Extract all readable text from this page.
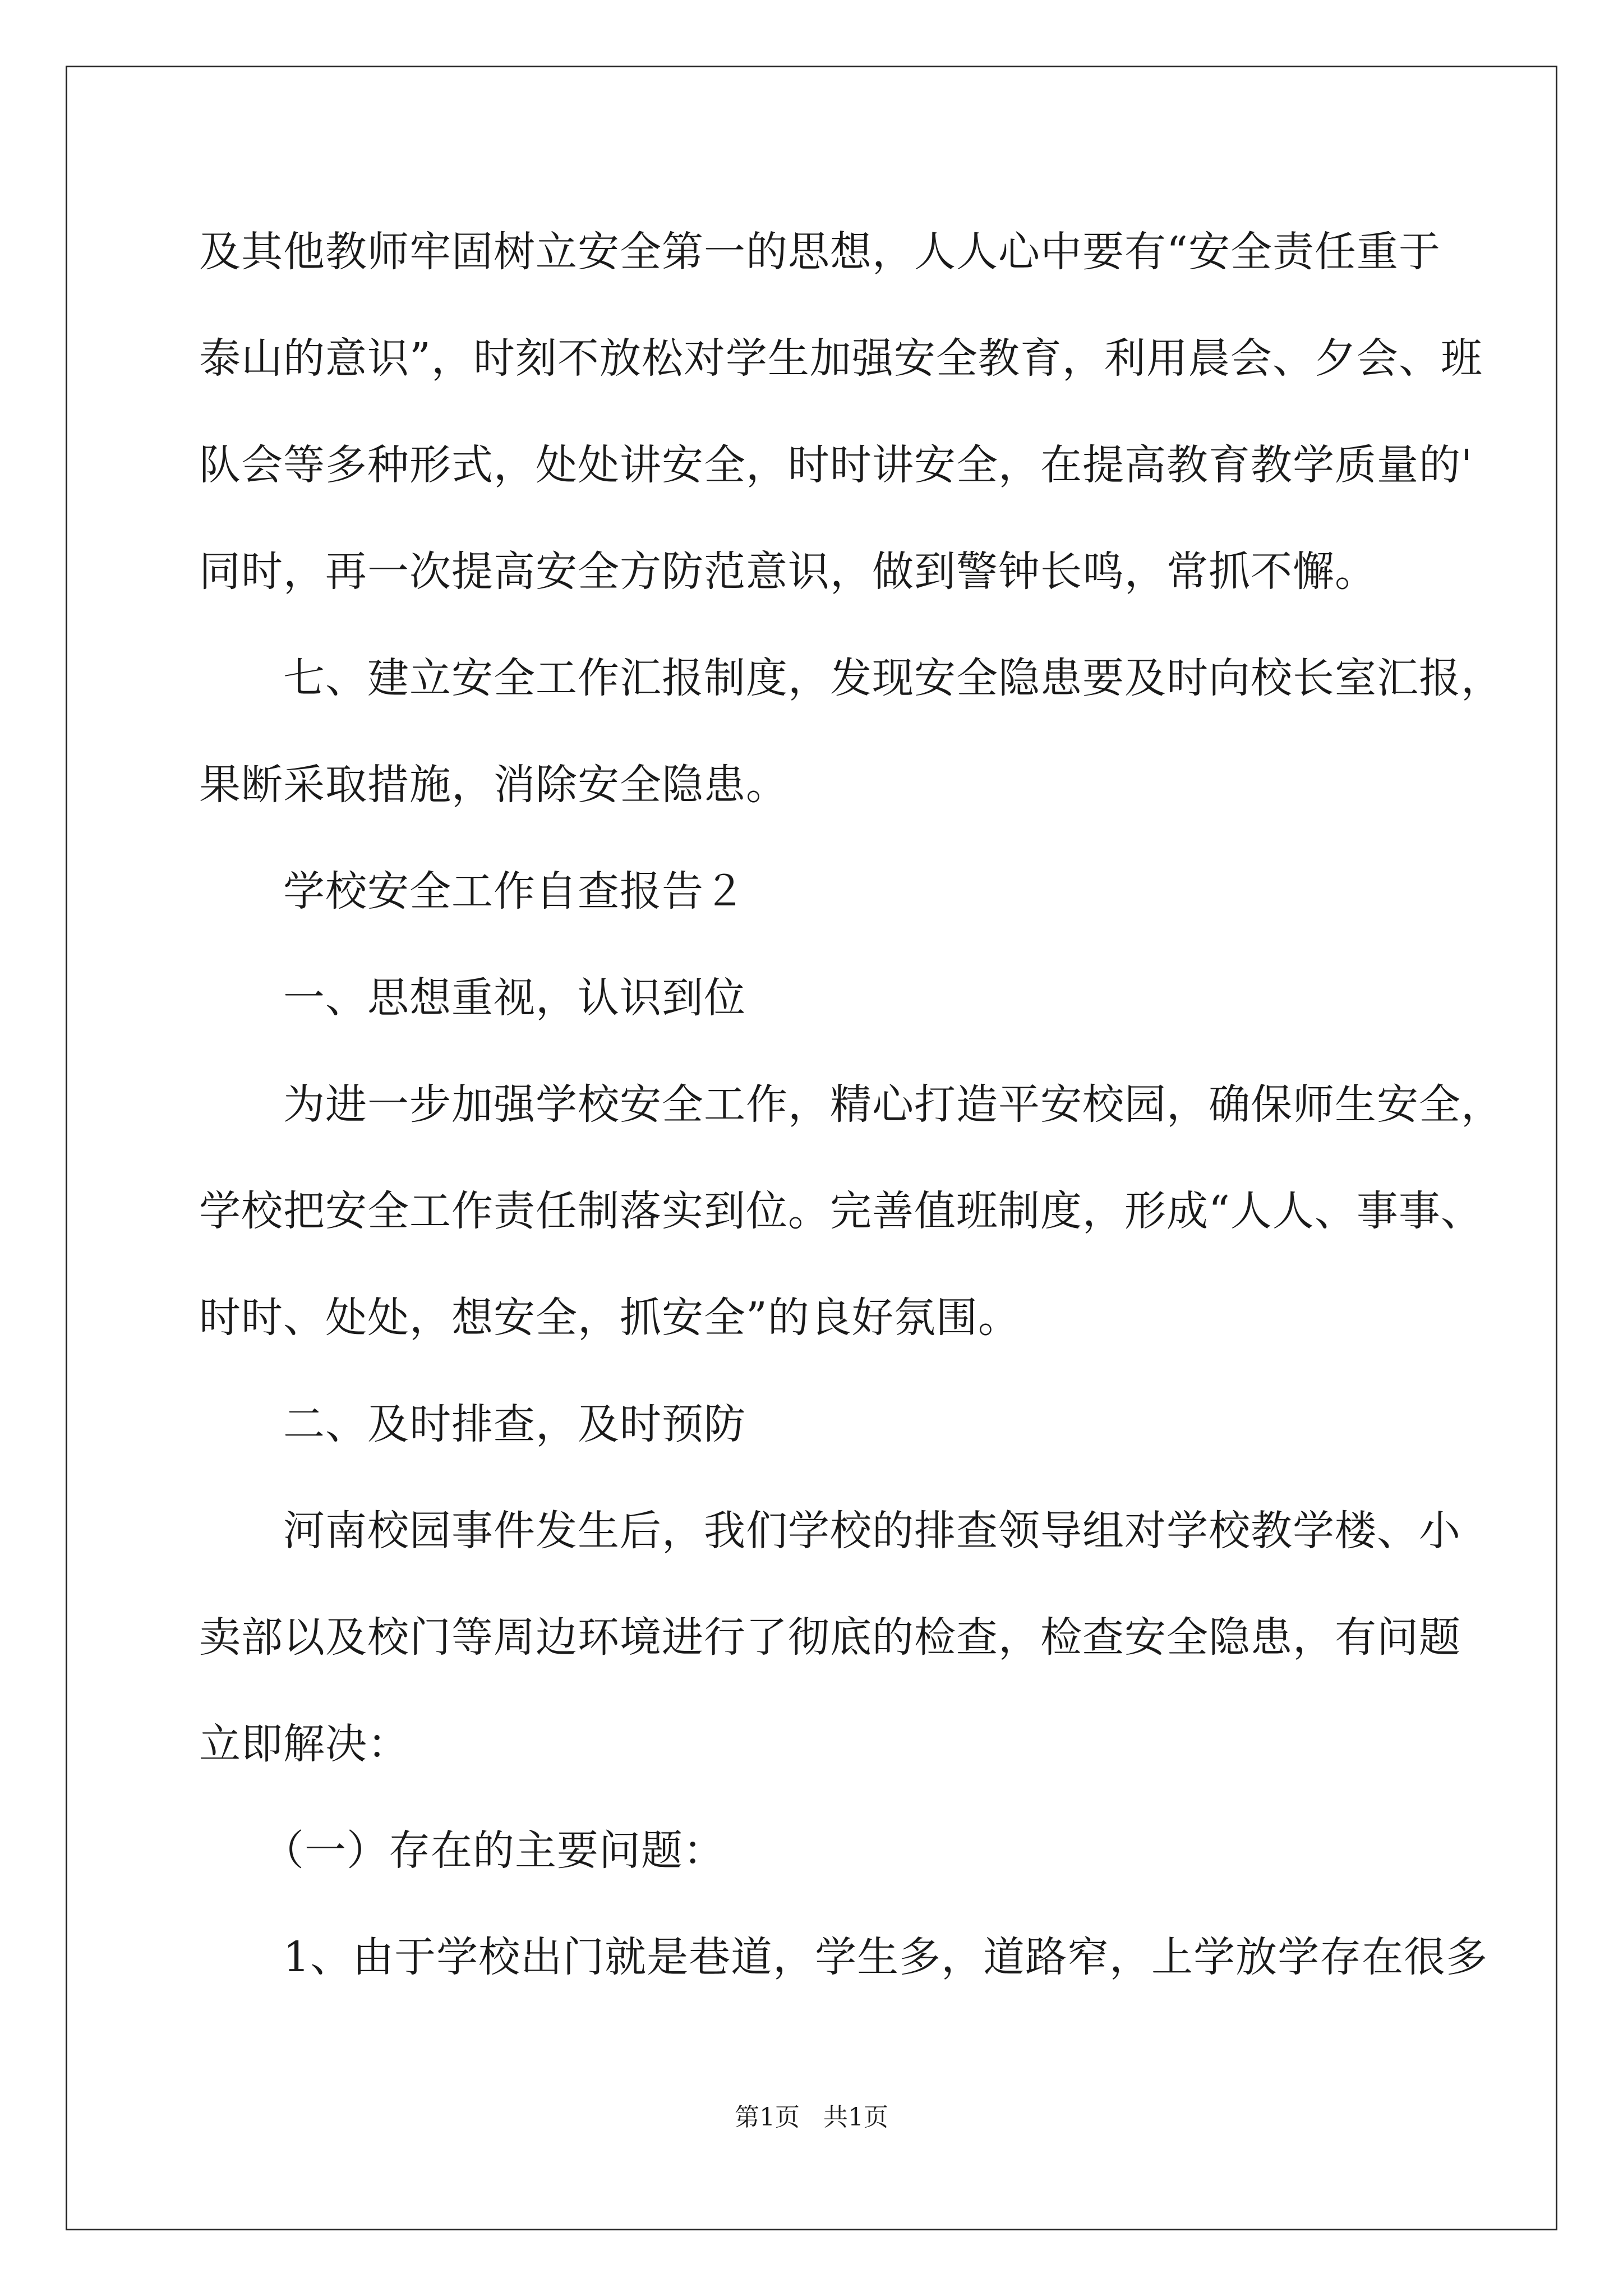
及其他教师牢固树立安全第一的思想，人人心中要有“安全责任重于

泰山的意识”，时刻不放松对学生加强安全教育，利用晨会、夕会、班

队会等多种形式，处处讲安全，时时讲安全，在提高教育教学质量的'

同时，再一次提高安全方防范意识，做到警钟长鸣，常抓不懈。

　　七、建立安全工作汇报制度，发现安全隐患要及时向校长室汇报，

果断采取措施，消除安全隐患。

　　学校安全工作自查报告２

　　一、思想重视，认识到位

　　为进一步加强学校安全工作，精心打造平安校园，确保师生安全，

学校把安全工作责任制落实到位。完善值班制度，形成“人人、事事、

时时、处处，想安全，抓安全”的良好氛围。

　　二、及时排查，及时预防

　　河南校园事件发生后，我们学校的排查领导组对学校教学楼、小

卖部以及校门等周边环境进行了彻底的检查，检查安全隐患，有问题

立即解决：

　　（一）存在的主要问题：

　　1、由于学校出门就是巷道，学生多，道路窄，上学放学存在很多

第1页 共1页
